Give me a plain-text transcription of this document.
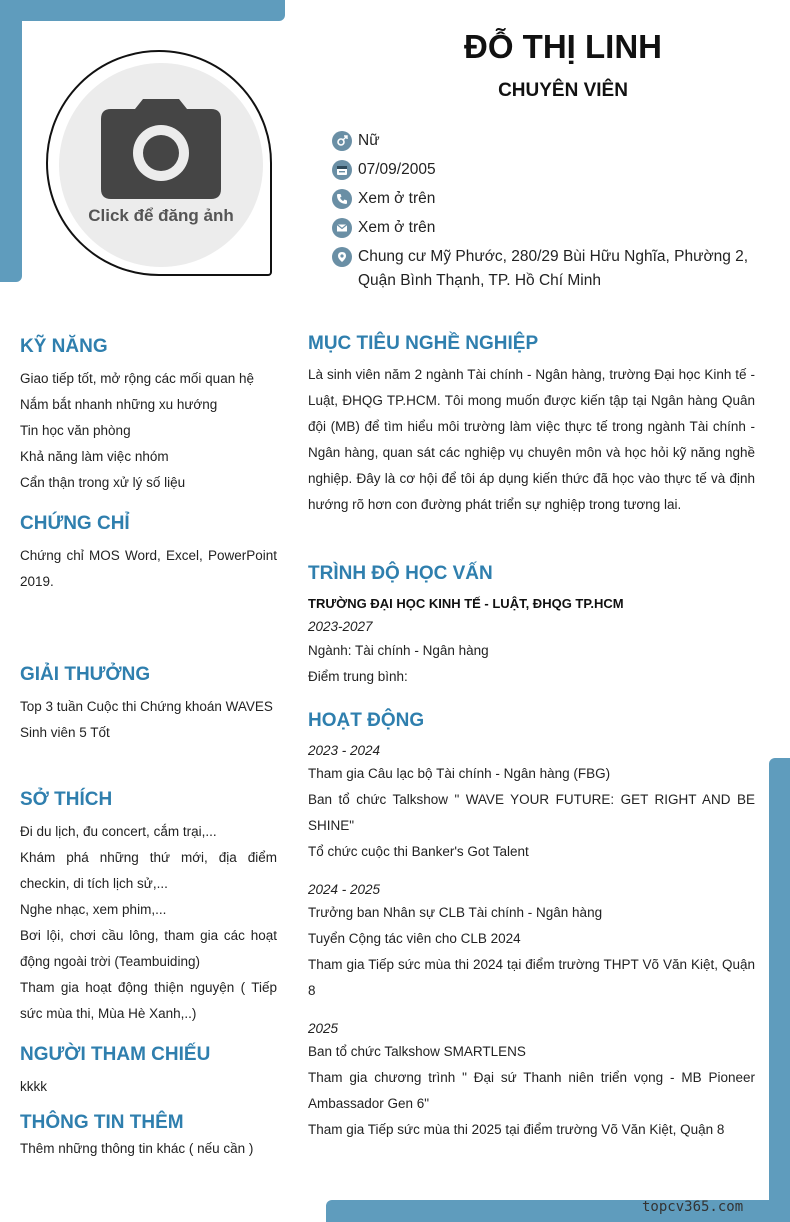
Click để đăng ảnh
ĐỖ THỊ LINH
CHUYÊN VIÊN
Nữ
07/09/2005
Xem ở trên
Xem ở trên
Chung cư Mỹ Phước, 280/29 Bùi Hữu Nghĩa, Phường 2, Quận Bình Thạnh, TP. Hồ Chí Minh
KỸ NĂNG

Giao tiếp tốt, mở rộng các mối quan hệ

Nắm bắt nhanh những xu hướng

Tin học văn phòng

Khả năng làm việc nhóm

Cẩn thận trong xử lý số liệu

CHỨNG CHỈ
Chứng chỉ MOS Word, Excel, PowerPoint 2019.
GIẢI THƯỞNG

Top 3 tuần Cuộc thi Chứng khoán WAVES

Sinh viên 5 Tốt

SỞ THÍCH

Đi du lịch, đu concert, cắm trại,...

Khám phá những thứ mới, địa điểm checkin, di tích lịch sử,...

Nghe nhạc, xem phim,...

Bơi lội, chơi cầu lông, tham gia các hoạt động ngoài trời (Teambuiding)

Tham gia hoạt động thiện nguyện ( Tiếp sức mùa thi, Mùa Hè Xanh,..)

NGƯỜI THAM CHIẾU
kkkk
THÔNG TIN THÊM
Thêm những thông tin khác ( nếu cần )
MỤC TIÊU NGHỀ NGHIỆP
Là sinh viên năm 2 ngành Tài chính - Ngân hàng, trường Đại học Kinh tế - Luật, ĐHQG TP.HCM. Tôi mong muốn được kiến tập tại Ngân hàng Quân đội (MB) để tìm hiểu môi trường làm việc thực tế trong ngành Tài chính - Ngân hàng, quan sát các nghiệp vụ chuyên môn và học hỏi kỹ năng nghề nghiệp. Đây là cơ hội để tôi áp dụng kiến thức đã học vào thực tế và định hướng rõ hơn con đường phát triển sự nghiệp trong tương lai.
TRÌNH ĐỘ HỌC VẤN
TRƯỜNG ĐẠI HỌC KINH TẾ - LUẬT, ĐHQG TP.HCM
2023-2027
Ngành: Tài chính - Ngân hàng
Điểm trung bình:
HOẠT ĐỘNG
2023 - 2024

Tham gia Câu lạc bộ Tài chính - Ngân hàng (FBG)

Ban tổ chức Talkshow " WAVE YOUR FUTURE: GET RIGHT AND BE SHINE"

Tổ chức cuộc thi Banker's Got Talent

2024 - 2025

Trưởng ban Nhân sự CLB Tài chính - Ngân hàng

Tuyển Cộng tác viên cho CLB 2024

Tham gia Tiếp sức mùa thi 2024 tại điểm trường THPT Võ Văn Kiệt, Quận 8

2025

Ban tổ chức Talkshow SMARTLENS

Tham gia chương trình " Đại sứ Thanh niên triển vọng - MB Pioneer Ambassador Gen 6"

Tham gia Tiếp sức mùa thi 2025 tại điểm trường Võ Văn Kiệt, Quận 8

topcv365.com
